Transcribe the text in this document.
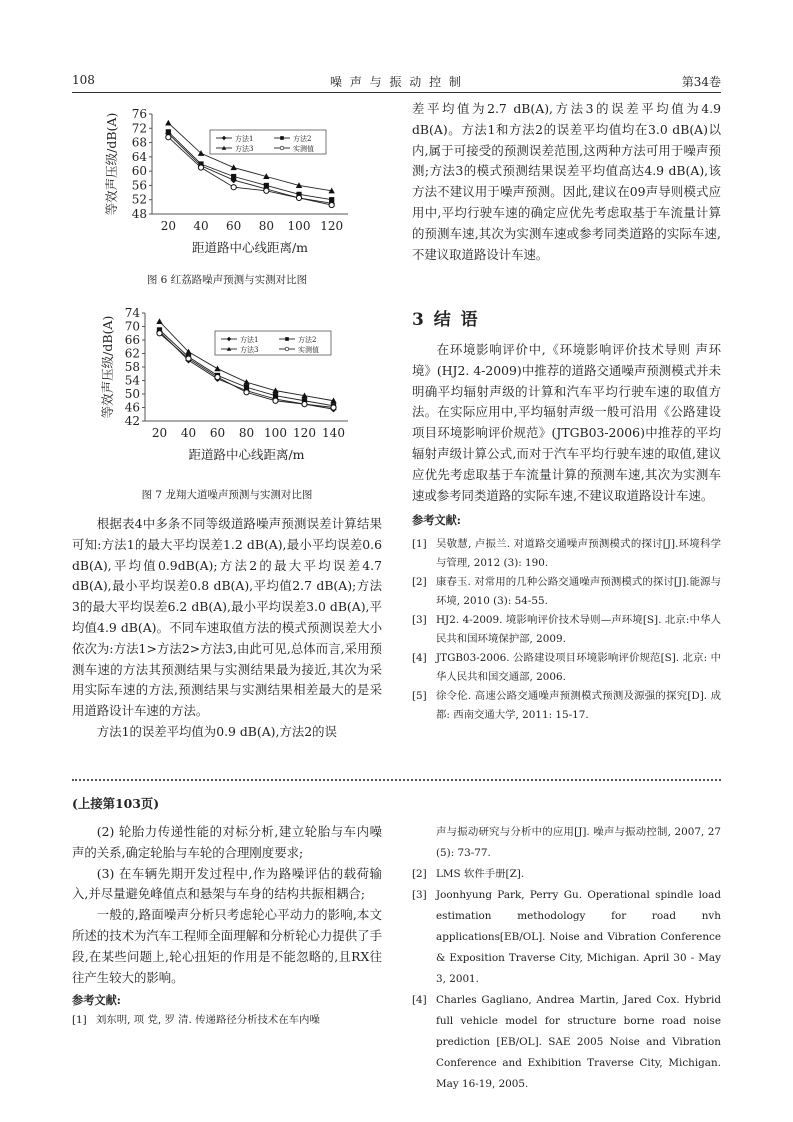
108	噪 声 与 振 动 控 制	第34卷
48
52
56
60
64
68
72
76
20 40 60 80 100 120
距道路中心线距离/m
等效声压级/dB(A)	方法1	方法2
方法3	实测值
图 6 红荔路噪声预测与实测对比图
42
46
50
54
58
62
66
70
74
20 40 60 80 100 120 140
距道路中心线距离/m
等效声压级/dB(A)	方法1	方法2
方法3	实测值
图 7 龙翔大道噪声预测与实测对比图

根据表4中多条不同等级道路噪声预测误差计算结果可知:方法1的最大平均误差1.2 dB(A),最小平均误差0.6 dB(A),平均值0.9dB(A);方法2的最大平均误差4.7 dB(A),最小平均误差0.8 dB(A),平均值2.7 dB(A);方法3的最大平均误差6.2 dB(A),最小平均误差3.0 dB(A),平均值4.9 dB(A)。不同车速取值方法的模式预测误差大小依次为:方法1>方法2>方法3,由此可见,总体而言,采用预测车速的方法其预测结果与实测结果最为接近,其次为采用实际车速的方法,预测结果与实测结果相差最大的是采用道路设计车速的方法。

方法1的误差平均值为0.9 dB(A),方法2的误

差平均值为2.7 dB(A),方法3的误差平均值为4.9 dB(A)。方法1和方法2的误差平均值均在3.0 dB(A)以内,属于可接受的预测误差范围,这两种方法可用于噪声预测;方法3的模式预测结果误差平均值高达4.9 dB(A),该方法不建议用于噪声预测。因此,建议在09声导则模式应用中,平均行驶车速的确定应优先考虑取基于车流量计算的预测车速,其次为实测车速或参考同类道路的实际车速,不建议取道路设计车速。

3 结 语

在环境影响评价中,《环境影响评价技术导则 声环境》(HJ2. 4-2009)中推荐的道路交通噪声预测模式并未明确平均辐射声级的计算和汽车平均行驶车速的取值方法。在实际应用中,平均辐射声级一般可沿用《公路建设项目环境影响评价规范》(JTGB03-2006)中推荐的平均辐射声级计算公式,而对于汽车平均行驶车速的取值,建议应优先考虑取基于车流量计算的预测车速,其次为实测车速或参考同类道路的实际车速,不建议取道路设计车速。

参考文献:
[1] 吴敬慧, 卢振兰. 对道路交通噪声预测模式的探讨[J].环境科学与管理, 2012 (3): 190.
[2] 康春玉. 对常用的几种公路交通噪声预测模式的探讨[J].能源与环境, 2010 (3): 54-55.
[3] HJ2. 4-2009. 境影响评价技术导则—声环境[S]. 北京:中华人民共和国环境保护部, 2009.
[4] JTGB03-2006. 公路建设项目环境影响评价规范[S]. 北京: 中华人民共和国交通部, 2006.
[5] 徐令伦. 高速公路交通噪声预测模式预测及源强的探究[D]. 成都: 西南交通大学, 2011: 15-17.
(上接第103页)

(2) 轮胎力传递性能的对标分析,建立轮胎与车内噪声的关系,确定轮胎与车轮的合理刚度要求;

(3) 在车辆先期开发过程中,作为路噪评估的载荷输入,并尽量避免峰值点和悬架与车身的结构共振相耦合;

一般的,路面噪声分析只考虑轮心平动力的影响,本文所述的技术为汽车工程师全面理解和分析轮心力提供了手段,在某些问题上,轮心扭矩的作用是不能忽略的,且RX往往产生较大的影响。

参考文献:
[1] 刘东明, 项 党, 罗 清. 传递路径分析技术在车内噪
声与振动研究与分析中的应用[J]. 噪声与振动控制, 2007, 27 (5): 73-77.
[2] LMS 软件手册[Z].
[3] Joonhyung Park, Perry Gu. Operational spindle load estimation methodology for road nvh applications[EB/OL]. Noise and Vibration Conference & Exposition Traverse City, Michigan. April 30 - May 3, 2001.
[4] Charles Gagliano, Andrea Martin, Jared Cox. Hybrid full vehicle model for structure borne road noise prediction [EB/OL]. SAE 2005 Noise and Vibration Conference and Exhibition Traverse City, Michigan. May 16-19, 2005.
